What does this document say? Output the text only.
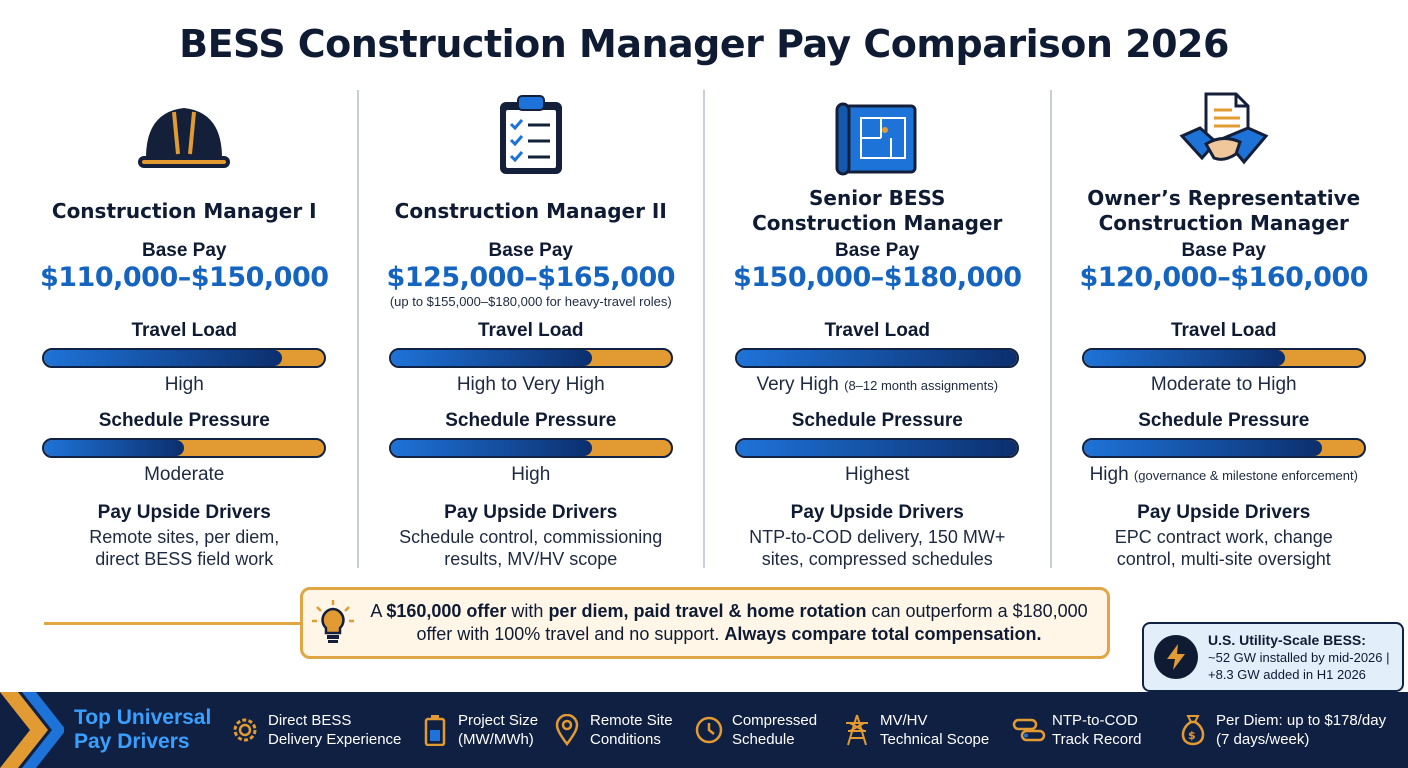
BESS Construction Manager Pay Comparison 2026
Construction Manager I

Base Pay
$110,000–$150,000
Travel Load
High
Schedule Pressure
Moderate
Pay Upside Drivers
Remote sites, per diem,
direct BESS field work
Construction Manager II

Base Pay
$125,000–$165,000
(up to $155,000–$180,000 for heavy-travel roles)
Travel Load
High to Very High
Schedule Pressure
High
Pay Upside Drivers
Schedule control, commissioning
results, MV/HV scope
Senior BESS
Construction Manager
Base Pay
$150,000–$180,000
Travel Load
Very High (8–12 month assignments)
Schedule Pressure
Highest
Pay Upside Drivers
NTP-to-COD delivery, 150 MW+
sites, compressed schedules
Owner’s Representative
Construction Manager
Base Pay
$120,000–$160,000
Travel Load
Moderate to High
Schedule Pressure
High (governance & milestone enforcement)
Pay Upside Drivers
EPC contract work, change
control, multi-site oversight
A $160,000 offer with per diem, paid travel & home rotation can outperform a $180,000 offer with 100% travel and no support. Always compare total compensation.	U.S. Utility-Scale BESS:
~52 GW installed by mid-2026 |
+8.3 GW added in H1 2026
Top Universal
Pay Drivers
Direct BESS
Delivery Experience
Project Size
(MW/MWh)
Remote Site
Conditions
Compressed
Schedule
MV/HV
Technical Scope
NTP-to-COD
Track Record	$
Per Diem: up to $178/day
(7 days/week)
